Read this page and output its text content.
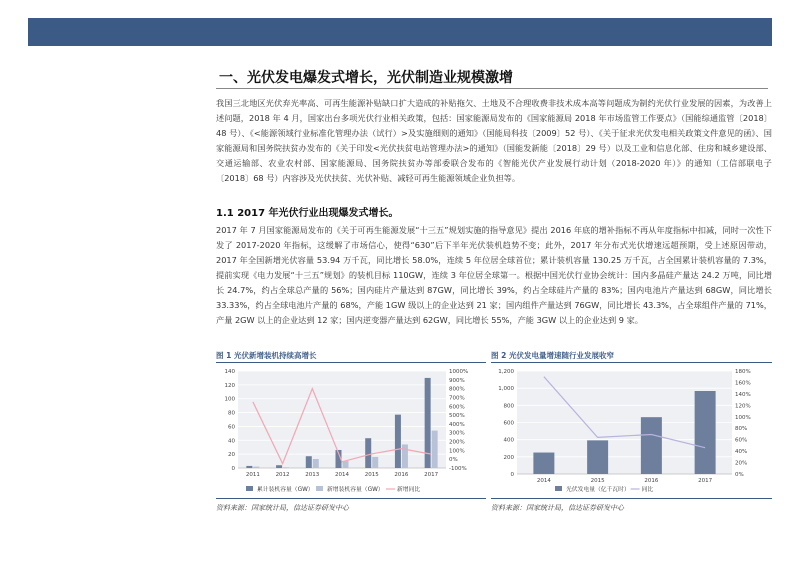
一、光伏发电爆发式增长，光伏制造业规模激增
我国三北地区光伏弃光率高、可再生能源补贴缺口扩大造成的补贴拖欠、土地及不合理收费非技术成本高等问题成为制约光伏行业发展的因素，为改善上述问题，2018 年 4 月，国家出台多项光伏行业相关政策，包括：国家能源局发布的《国家能源局 2018 年市场监管工作要点》（国能综通监管〔2018〕48 号）、《<能源领域行业标准化管理办法（试行）>及实施细则的通知》（国能局科技〔2009〕52 号）、《关于征求光伏发电相关政策文件意见的函》、国家能源局和国务院扶贫办发布的《关于印发<光伏扶贫电站管理办法>的通知》（国能发新能〔2018〕29 号）以及工业和信息化部、住房和城乡建设部、交通运输部、农业农村部、国家能源局、国务院扶贫办等部委联合发布的《智能光伏产业发展行动计划（2018-2020 年）》的通知（工信部联电子〔2018〕68 号）内容涉及光伏扶贫、光伏补贴、减轻可再生能源领域企业负担等。
1.1 2017 年光伏行业出现爆发式增长。
2017 年 7 月国家能源局发布的《关于可再生能源发展“十三五”规划实施的指导意见》提出 2016 年底的增补指标不再从年度指标中扣减，同时一次性下发了 2017-2020 年指标，这缓解了市场信心，使得“630”后下半年光伏装机趋势不变；此外，2017 年分布式光伏增速远超预期，受上述原因带动，2017 年全国新增光伏容量 53.94 万千瓦，同比增长 58.0%，连续 5 年位居全球首位；累计装机容量 130.25 万千瓦，占全国累计装机容量的 7.3%，提前实现《电力发展“十三五”规划》的装机目标 110GW，连续 3 年位居全球第一。根据中国光伏行业协会统计：国内多晶硅产量达 24.2 万吨，同比增长 24.7%，约占全球总产量的 56%；国内硅片产量达到 87GW，同比增长 39%，约占全球硅片产量的 83%；国内电池片产量达到 68GW，同比增长 33.33%，约占全球电池片产量的 68%，产能 1GW 级以上的企业达到 21 家；国内组件产量达到 76GW，同比增长 43.3%，占全球组件产量的 71%，产量 2GW 以上的企业达到 12 家；国内逆变器产量达到 62GW，同比增长 55%，产能 3GW 以上的企业达到 9 家。
图 1 光伏新增装机持续高增长
0
20
40
60
80
100
120
140
-100%
0%
100%
200%
300%
400%
500%
600%
700%
800%
900%
1000%
2011	2012	2013	2014	2015	2016	2017
累计装机容量（GW） 新增装机容量（GW） 新增同比
资料来源：国家统计局，信达证券研发中心
图 2 光伏发电量增速随行业发展收窄
0
200
400
600
800
1,000
1,200
0%
20%
40%
60%
80%
100%
120%
140%
160%
180%
2014	2015	2016	2017
光伏发电量（亿千瓦时） 同比
资料来源：国家统计局，信达证券研发中心
